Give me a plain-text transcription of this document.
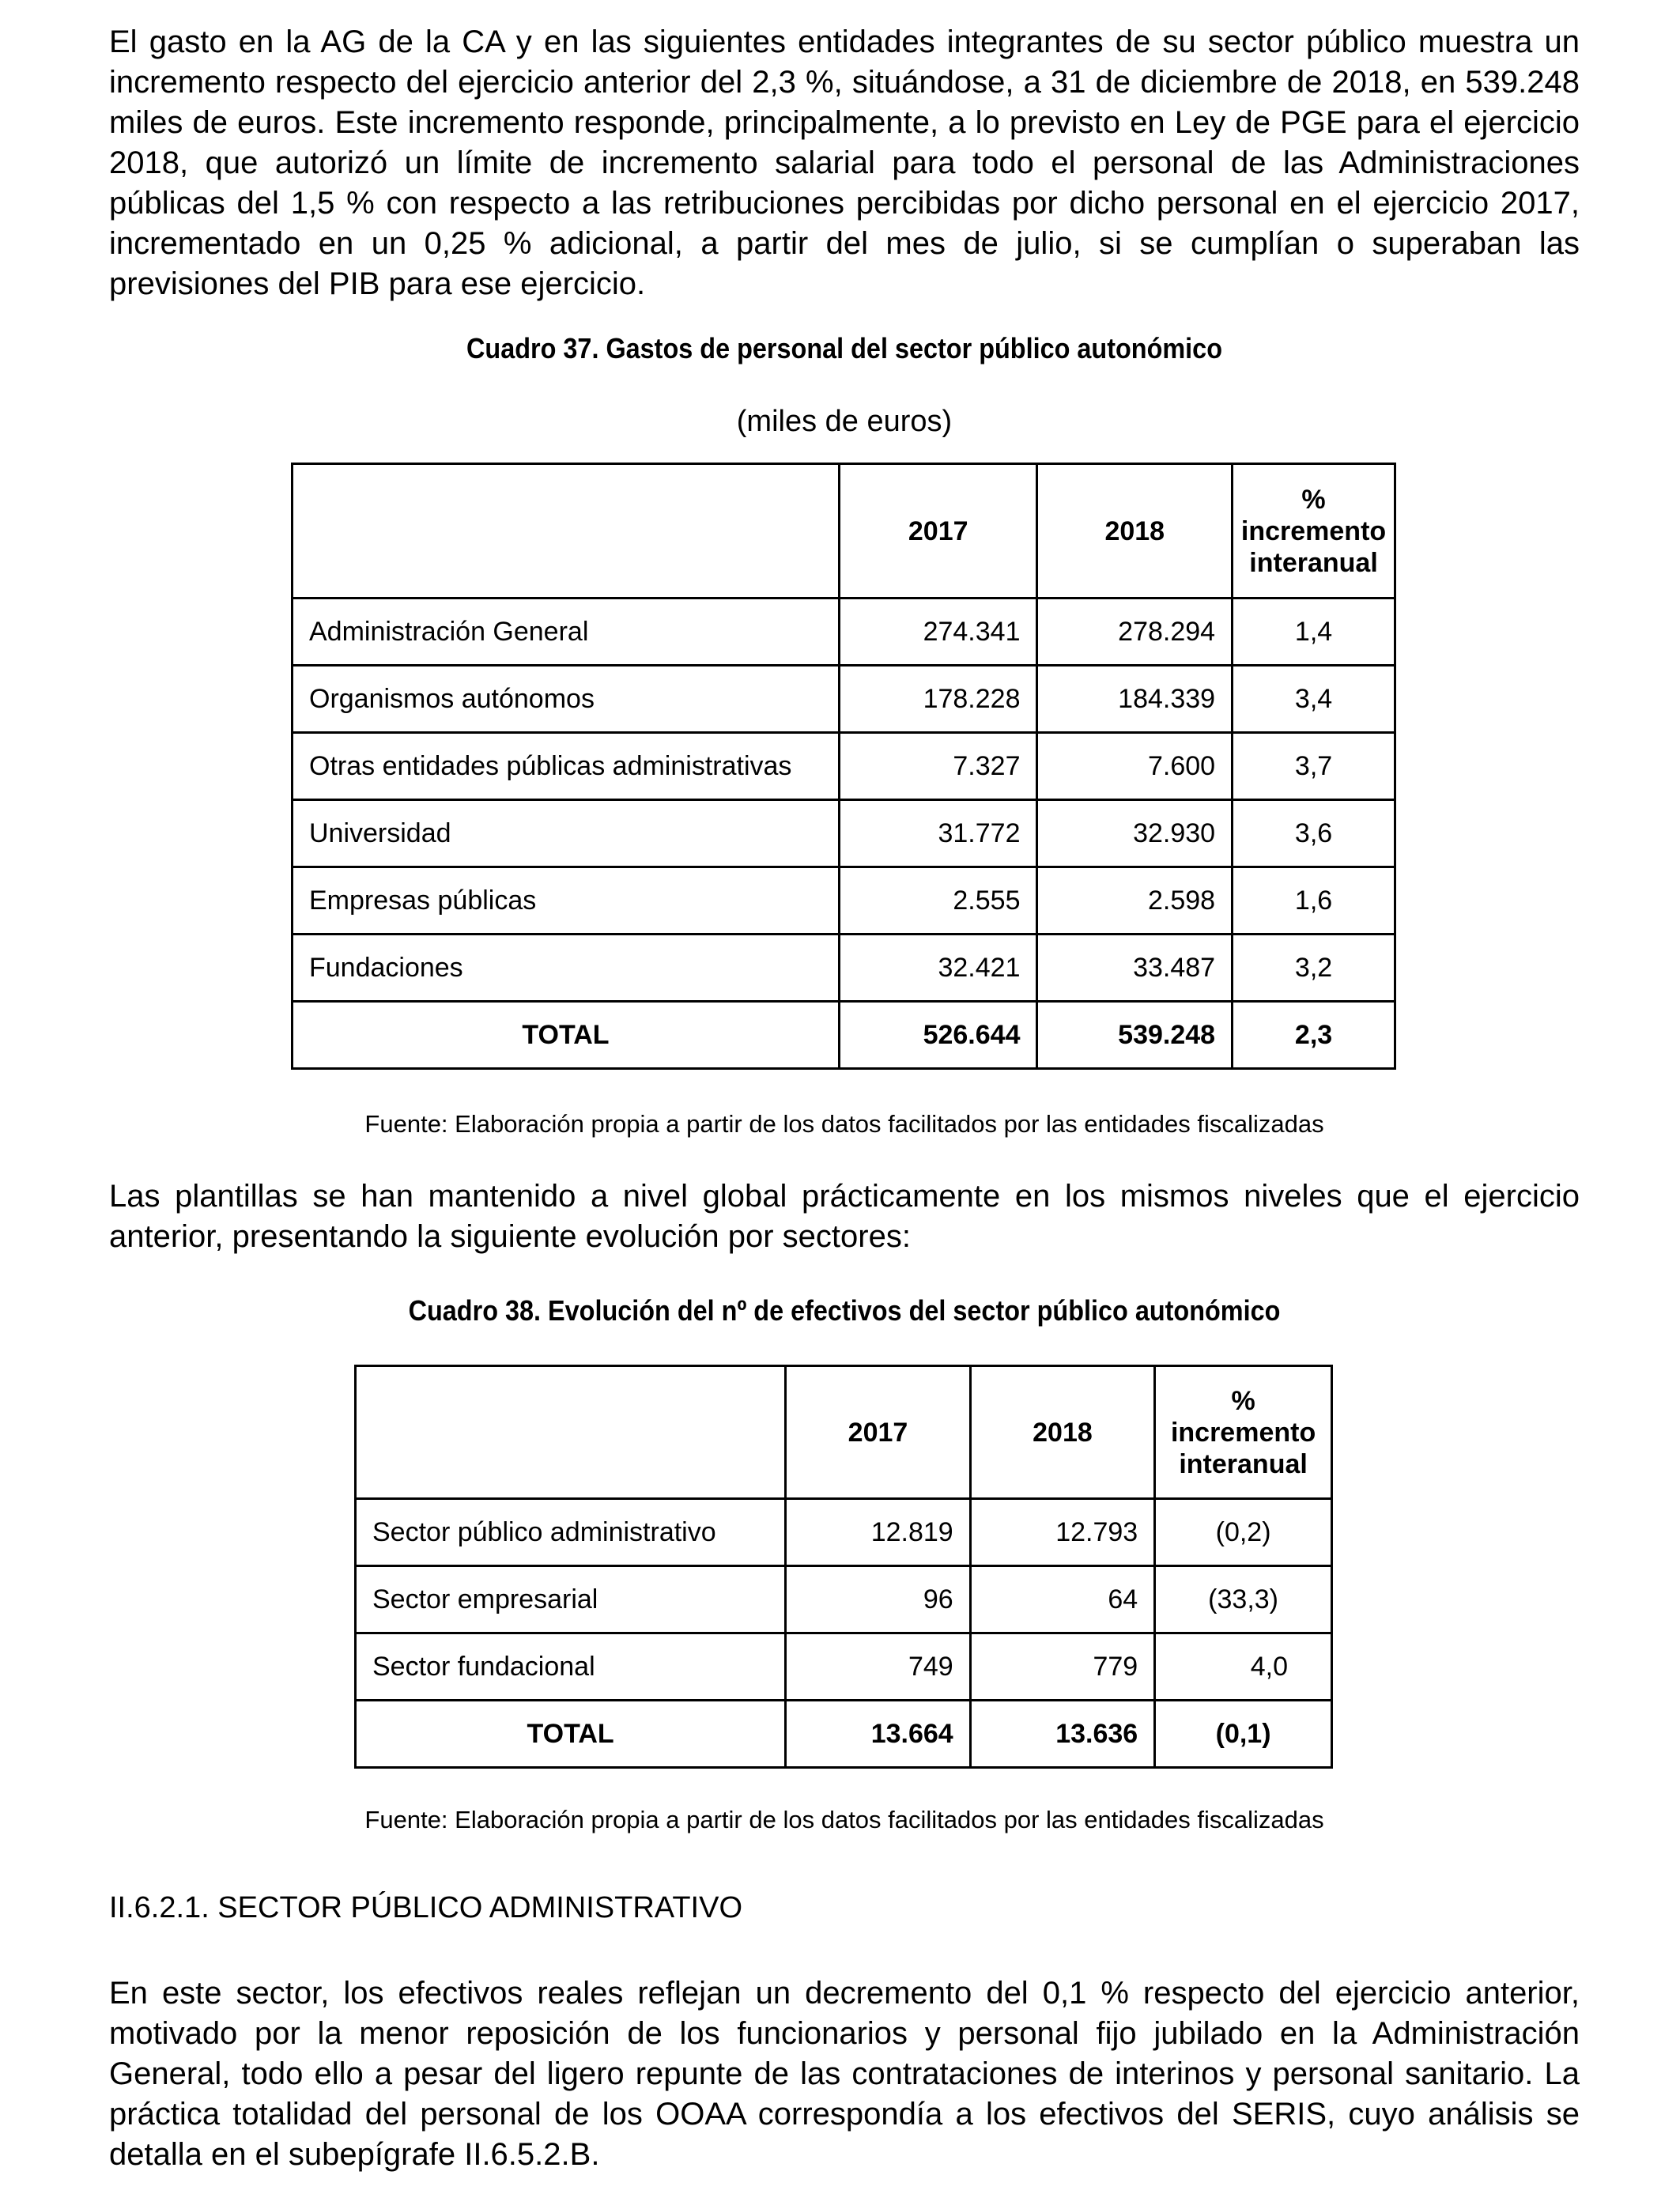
El gasto en la AG de la CA y en las siguientes entidades integrantes de su sector público muestra un incremento respecto del ejercicio anterior del 2,3 %, situándose, a 31 de diciembre de 2018, en 539.248 miles de euros. Este incremento responde, principalmente, a lo previsto en Ley de PGE para el ejercicio 2018, que autorizó un límite de incremento salarial para todo el personal de las Administraciones públicas del 1,5 % con respecto a las retribuciones percibidas por dicho personal en el ejercicio 2017, incrementado en un 0,25 % adicional, a partir del mes de julio, si se cumplían o superaban las previsiones del PIB para ese ejercicio.

Cuadro 37. Gastos de personal del sector público autonómico

(miles de euros)

	2017	2018	%
incremento
interanual

Administración General	274.341	278.294	1,4
Organismos autónomos	178.228	184.339	3,4
Otras entidades públicas administrativas	7.327	7.600	3,7
Universidad	31.772	32.930	3,6
Empresas públicas	2.555	2.598	1,6
Fundaciones	32.421	33.487	3,2
TOTAL	526.644	539.248	2,3

Fuente: Elaboración propia a partir de los datos facilitados por las entidades fiscalizadas

Las plantillas se han mantenido a nivel global prácticamente en los mismos niveles que el ejercicio anterior, presentando la siguiente evolución por sectores:

Cuadro 38. Evolución del nº de efectivos del sector público autonómico

	2017	2018	%
incremento
interanual

Sector público administrativo	12.819	12.793	(0,2)
Sector empresarial	96	64	(33,3)
Sector fundacional	749	779	4,0
TOTAL	13.664	13.636	(0,1)

Fuente: Elaboración propia a partir de los datos facilitados por las entidades fiscalizadas

II.6.2.1. SECTOR PÚBLICO ADMINISTRATIVO

En este sector, los efectivos reales reflejan un decremento del 0,1 % respecto del ejercicio anterior, motivado por la menor reposición de los funcionarios y personal fijo jubilado en la Administración General, todo ello a pesar del ligero repunte de las contrataciones de interinos y personal sanitario. La práctica totalidad del personal de los OOAA correspondía a los efectivos del SERIS, cuyo análisis se detalla en el subepígrafe II.6.5.2.B.
